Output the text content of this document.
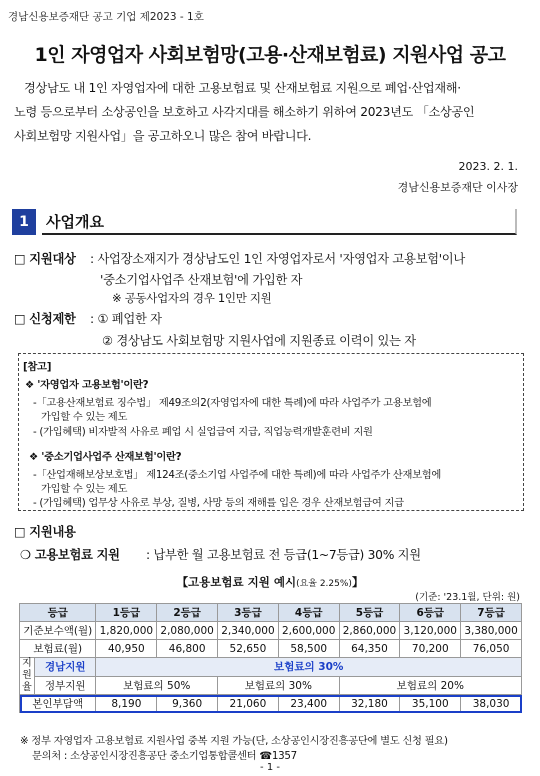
경남신용보증재단 공고 기업 제2023 - 1호
1인 자영업자 사회보험망(고용·산재보험료) 지원사업 공고
경상남도 내 1인 자영업자에 대한 고용보험료 및 산재보험료 지원으로 폐업·산업재해·
노령 등으로부터 소상공인을 보호하고 사각지대를 해소하기 위하여 2023년도 「소상공인
사회보험망 지원사업」을 공고하오니 많은 참여 바랍니다.
2023. 2. 1.
경남신용보증재단 이사장
1	사업개요
□ 지원대상 : 사업장소재지가 경상남도인 1인 자영업자로서 '자영업자 고용보험'이나
'중소기업사업주 산재보험'에 가입한 자
※ 공동사업자의 경우 1인만 지원
□ 신청제한 : ① 폐업한 자
② 경상남도 사회보험망 지원사업에 지원종료 이력이 있는 자
[참고]
❖ '자영업자 고용보험'이란?
-「고용산재보험료 징수법」 제49조의2(자영업자에 대한 특례)에 따라 사업주가 고용보험에
가입할 수 있는 제도
- (가입혜택) 비자발적 사유로 폐업 시 실업급여 지급, 직업능력개발훈련비 지원
❖ '중소기업사업주 산재보험'이란?
-「산업재해보상보호법」 제124조(중소기업 사업주에 대한 특례)에 따라 사업주가 산재보험에
가입할 수 있는 제도
- (가입혜택) 업무상 사유로 부상, 질병, 사망 등의 재해를 입은 경우 산재보험급여 지급
□ 지원내용
❍ 고용보험료 지원 : 납부한 월 고용보험료 전 등급(1~7등급) 30% 지원
【고용보험료 지원 예시(요율 2.25%)】
(기준: '23.1월, 단위: 원)
등급		1등급	2등급	3등급	4등급	5등급	6등급	7등급
기준보수액(월)		1,820,000	2,080,000	2,340,000	2,600,000	2,860,000	3,120,000	3,380,000
보험료(월)		40,950	46,800	52,650	58,500	64,350	70,200	76,050
지원율	경남지원	보험료의 30%						
	정부지원	보험료의 50%		보험료의 30%		보험료의 20%		
본인부담액		8,190	9,360	21,060	23,400	32,180	35,100	38,030
※ 정부 자영업자 고용보험료 지원사업 중복 지원 가능(단, 소상공인시장진흥공단에 별도 신청 필요)
문의처 : 소상공인시장진흥공단 중소기업통합콜센터 ☎1357
- 1 -
